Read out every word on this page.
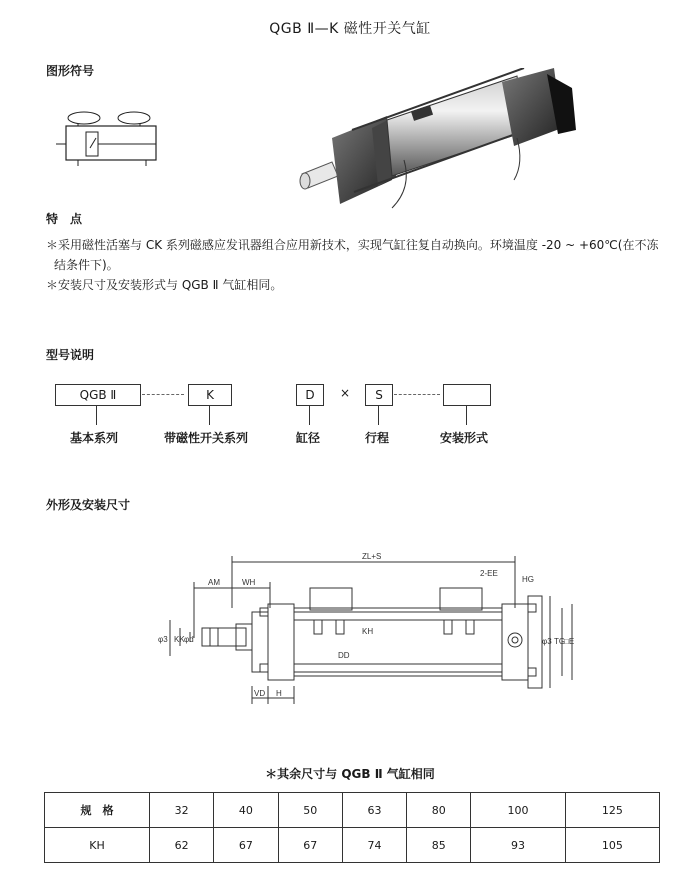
QGB Ⅱ—K 磁性开关气缸
图形符号
特　点
＊采用磁性活塞与 CK 系列磁感应发讯器组合应用新技术，实现气缸往复自动换向。环境温度 -20 ~ +60℃(在不冻
结条件下)。
＊安装尺寸及安装形式与 QGB Ⅱ 气缸相同。
型号说明
QGB Ⅱ	K	D	×	S
基本系列	带磁性开关系列	缸径	行程	安装形式
外形及安装尺寸
ZL+S
2-EE
HG
AM	WH
VD H
KH
DD
φ3 KK φd	φ3 TG
□E
＊其余尺寸与 QGB Ⅱ 气缸相同
规　格	32	40	50	63	80	100	125
KH	62	67	67	74	85	93	105
